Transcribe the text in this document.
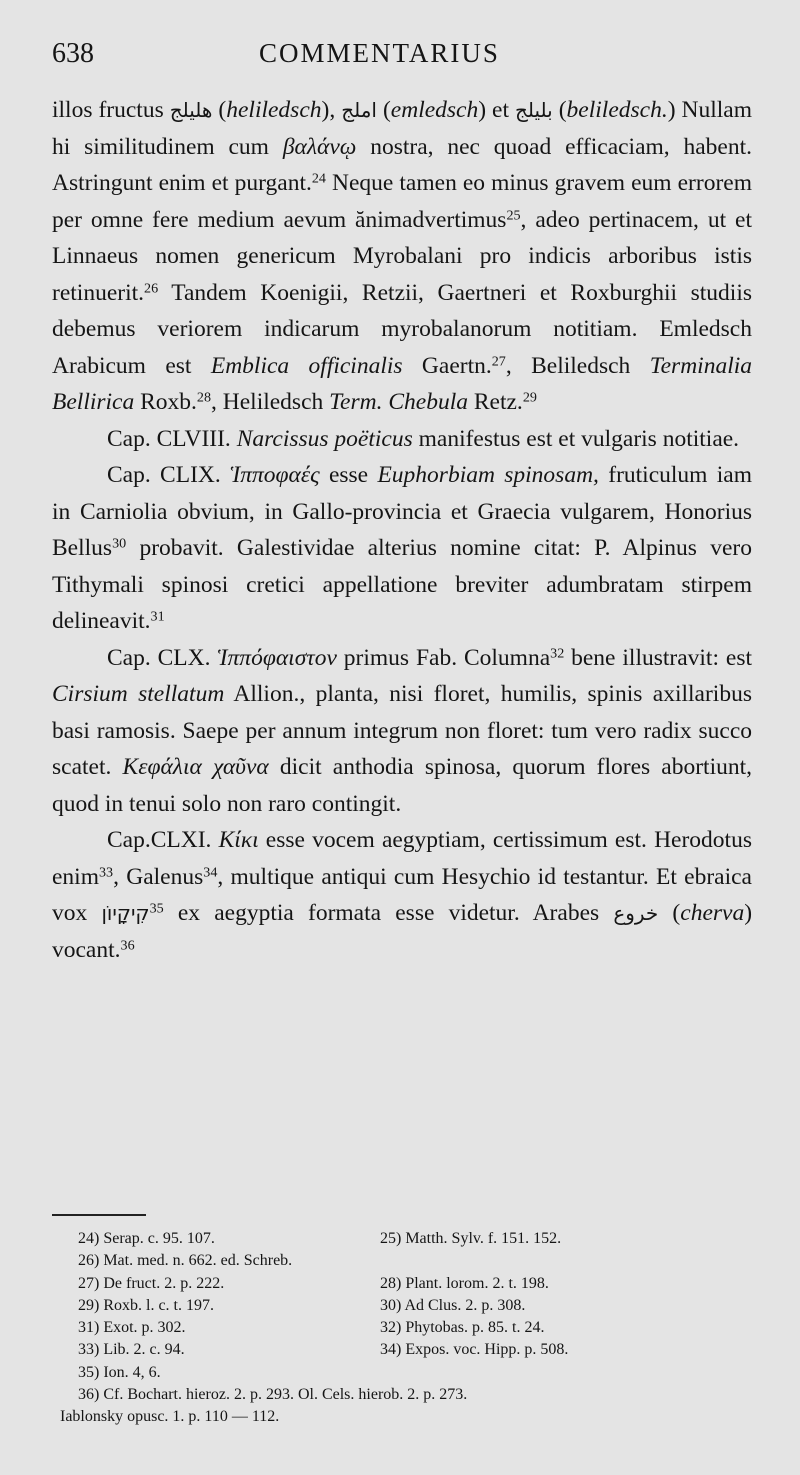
638	COMMENTARIUS

illos fructus هليلج (heliledsch), املج (emledsch) et بليلج (beliledsch.) Nullam hi similitudinem cum βαλάνῳ nostra, nec quoad efficaciam, habent. Astringunt enim et purgant.$^{24}$ Neque tamen eo minus gravem eum errorem per omne fere medium aevum ănimadvertimus$^{25}$, adeo pertinacem, ut et Linnaeus nomen genericum Myrobalani pro indicis arboribus istis retinuerit.$^{26}$ Tandem Koenigii, Retzii, Gaertneri et Roxburghii studiis debemus veriorem indicarum myrobalanorum notitiam. Emledsch Arabicum est Emblica officinalis Gaertn.$^{27}$, Beliledsch Terminalia Bellirica Roxb.$^{28}$, Heliledsch Term. Chebula Retz.$^{29}$

Cap. CLVIII. Narcissus poëticus manifestus est et vulgaris notitiae.

Cap. CLIX. Ἱπποφαές esse Euphorbiam spinosam, fruticulum iam in Carniolia obvium, in Gallo-provincia et Graecia vulgarem, Honorius Bellus$^{30}$ probavit. Galestividae alterius nomine citat: P. Alpinus vero Tithymali spinosi cretici appellatione breviter adumbratam stirpem delineavit.$^{31}$

Cap. CLX. Ἱππόφαιστον primus Fab. Columna$^{32}$ bene illustravit: est Cirsium stellatum Allion., planta, nisi floret, humilis, spinis axillaribus basi ramosis. Saepe per annum integrum non floret: tum vero radix succo scatet. Κεφάλια χαῦνα dicit anthodia spinosa, quorum flores abortiunt, quod in tenui solo non raro contingit.

Cap.CLXI. Κίκι esse vocem aegyptiam, certissimum est. Herodotus enim$^{33}$, Galenus$^{34}$, multique antiqui cum Hesychio id testantur. Et ebraica vox קִיקָיוֹן$^{35}$ ex aegyptia formata esse videtur. Arabes خروع (cherva) vocant.$^{36}$

24) Serap. c. 95. 107.	25) Matth. Sylv. f. 151. 152.
26) Mat. med. n. 662. ed. Schreb.
27) De fruct. 2. p. 222.	28) Plant. lorom. 2. t. 198.
29) Roxb. l. c. t. 197.	30) Ad Clus. 2. p. 308.
31) Exot. p. 302.	32) Phytobas. p. 85. t. 24.
33) Lib. 2. c. 94.	34) Expos. voc. Hipp. p. 508.
35) Ion. 4, 6.
36) Cf. Bochart. hieroz. 2. p. 293. Ol. Cels. hierob. 2. p. 273.
Iablonsky opusc. 1. p. 110 — 112.
